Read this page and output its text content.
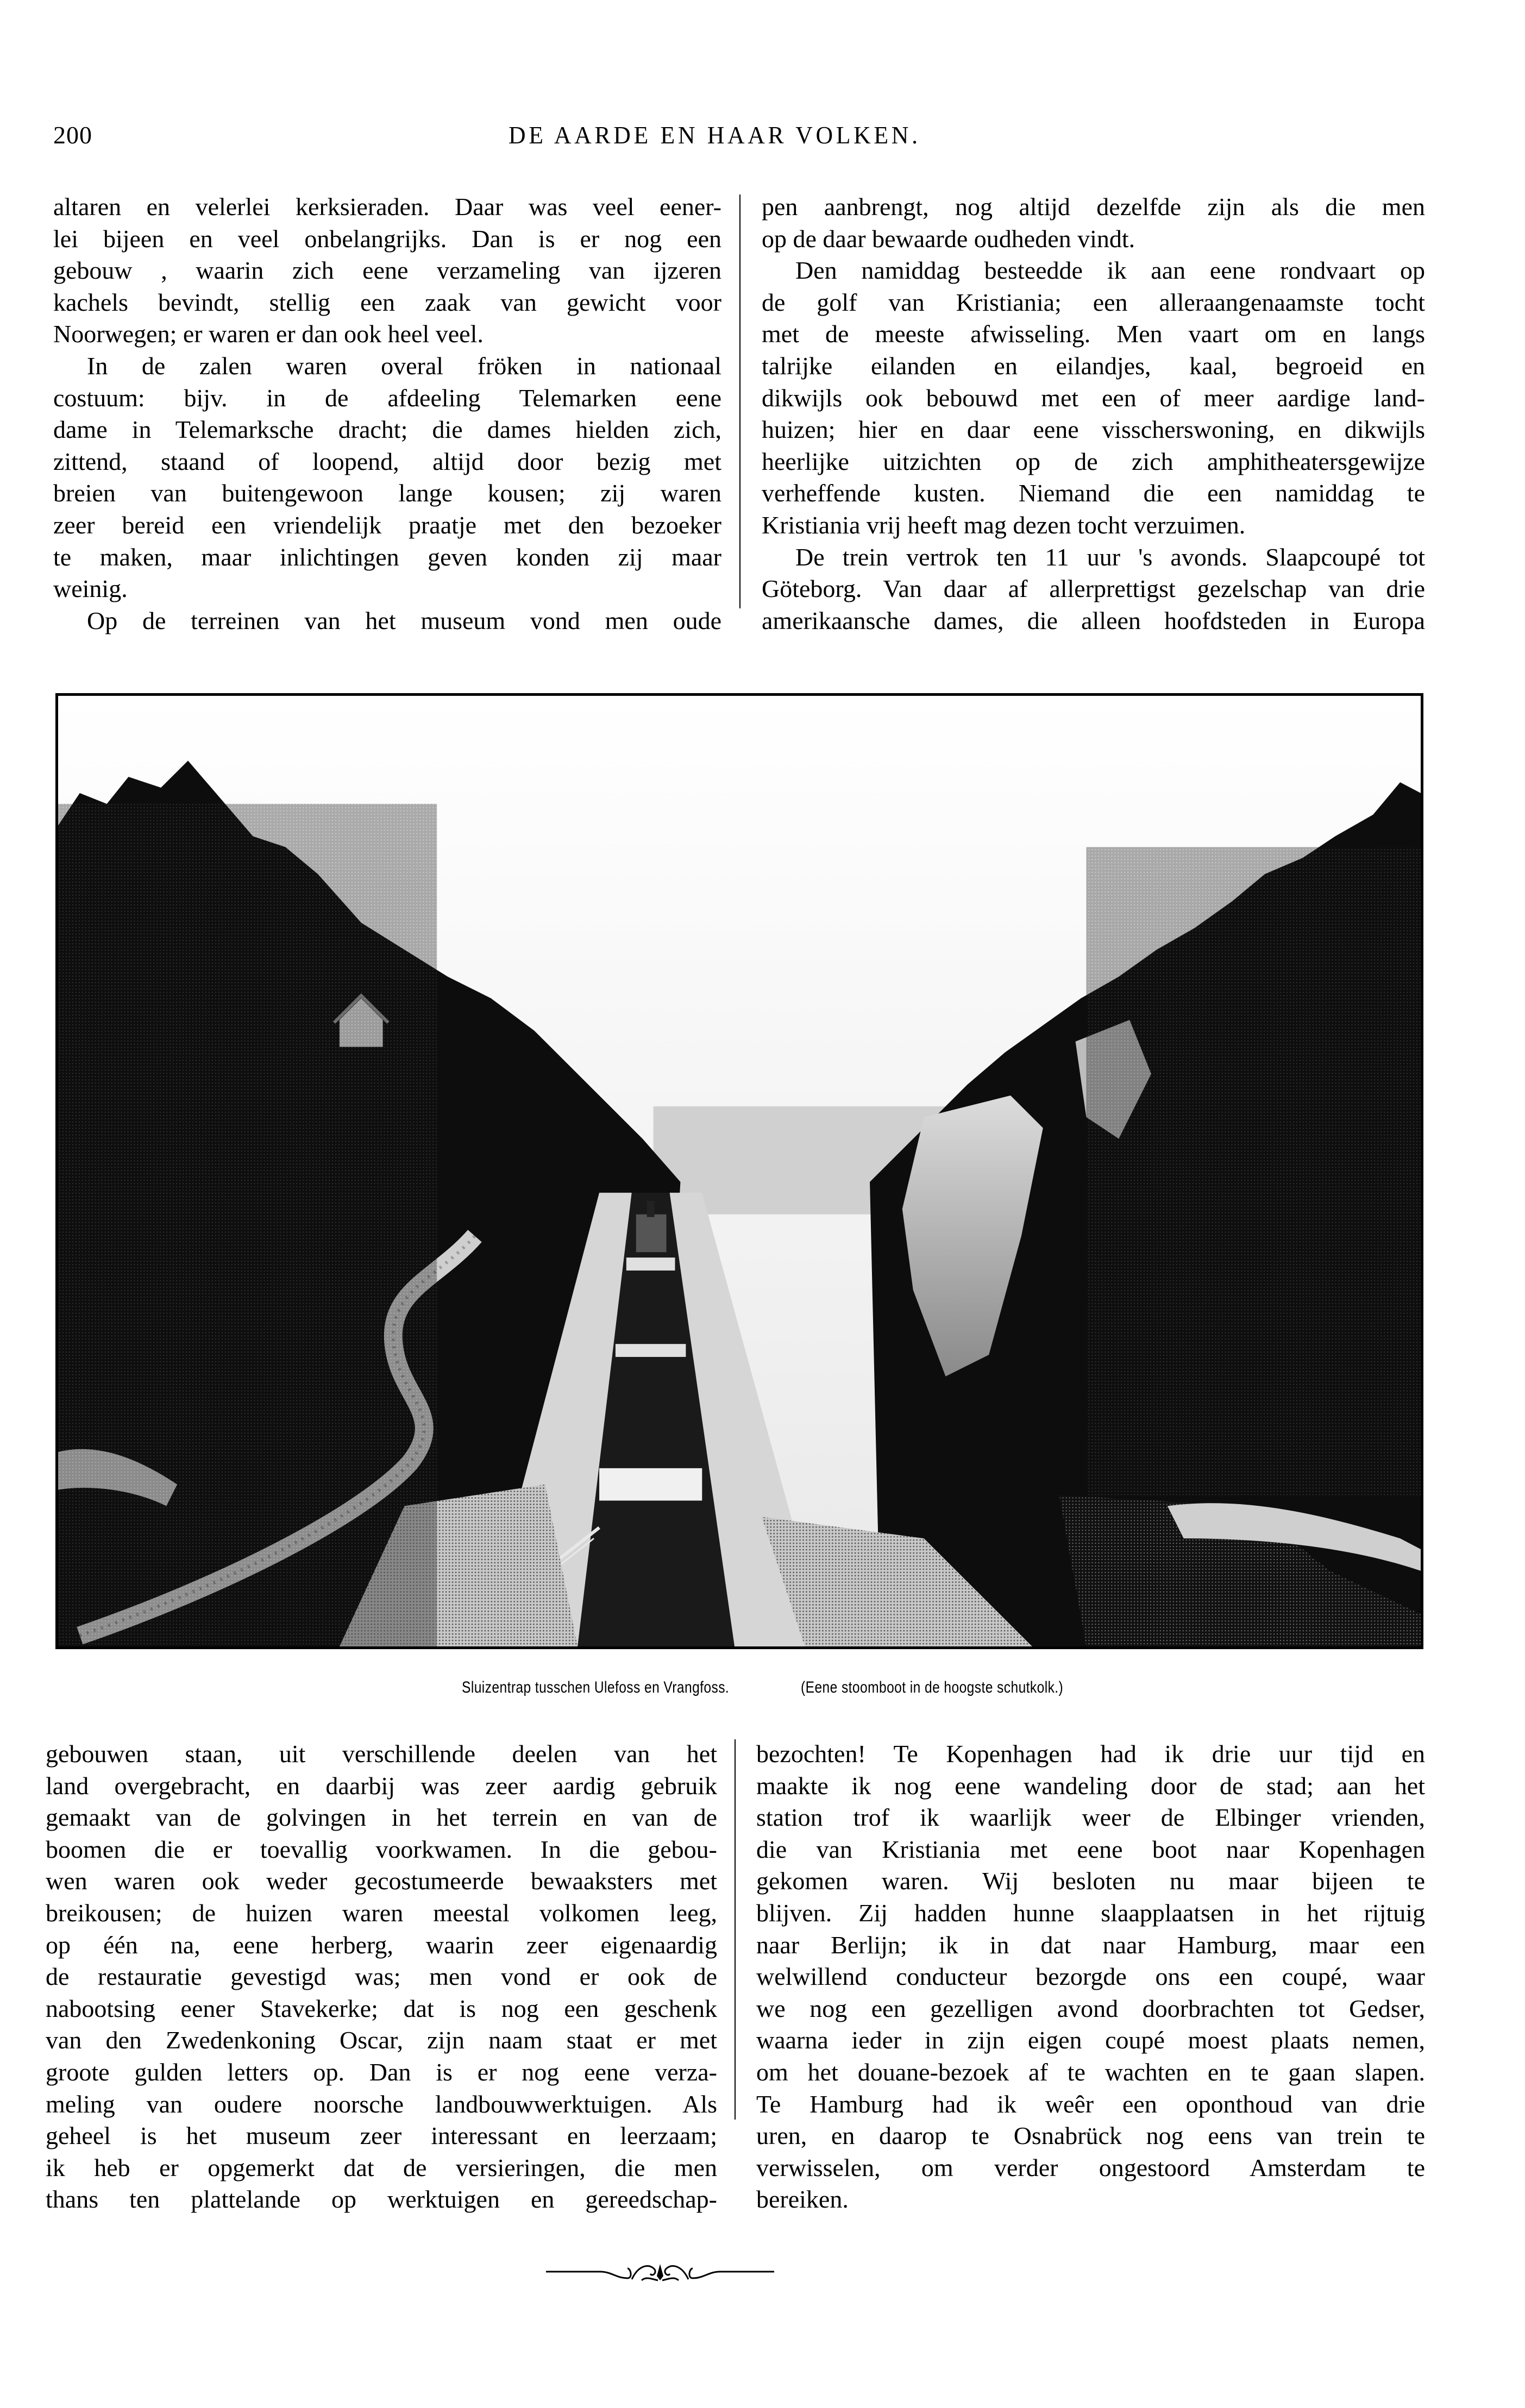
200	DE AARDE EN HAAR VOLKEN.
altaren en velerlei kerksieraden. Daar was veel eener-
lei bijeen en veel onbelangrijks. Dan is er nog een
gebouw , waarin zich eene verzameling van ijzeren
kachels bevindt, stellig een zaak van gewicht voor
Noorwegen; er waren er dan ook heel veel.
In de zalen waren overal fröken in nationaal
costuum: bijv. in de afdeeling Telemarken eene
dame in Telemarksche dracht; die dames hielden zich,
zittend, staand of loopend, altijd door bezig met
breien van buitengewoon lange kousen; zij waren
zeer bereid een vriendelijk praatje met den bezoeker
te maken, maar inlichtingen geven konden zij maar
weinig.
Op de terreinen van het museum vond men oude
pen aanbrengt, nog altijd dezelfde zijn als die men
op de daar bewaarde oudheden vindt.
Den namiddag besteedde ik aan eene rondvaart op
de golf van Kristiania; een alleraangenaamste tocht
met de meeste afwisseling. Men vaart om en langs
talrijke eilanden en eilandjes, kaal, begroeid en
dikwijls ook bebouwd met een of meer aardige land-
huizen; hier en daar eene visscherswoning, en dikwijls
heerlijke uitzichten op de zich amphitheatersgewijze
verheffende kusten. Niemand die een namiddag te
Kristiania vrij heeft mag dezen tocht verzuimen.
De trein vertrok ten 11 uur 's avonds. Slaapcoupé tot
Göteborg. Van daar af allerprettigst gezelschap van drie
amerikaansche dames, die alleen hoofdsteden in Europa
Sluizentrap tusschen Ulefoss en Vrangfoss.	(Eene stoomboot in de hoogste schutkolk.)
gebouwen staan, uit verschillende deelen van het
land overgebracht, en daarbij was zeer aardig gebruik
gemaakt van de golvingen in het terrein en van de
boomen die er toevallig voorkwamen. In die gebou-
wen waren ook weder gecostumeerde bewaaksters met
breikousen; de huizen waren meestal volkomen leeg,
op één na, eene herberg, waarin zeer eigenaardig
de restauratie gevestigd was; men vond er ook de
nabootsing eener Stavekerke; dat is nog een geschenk
van den Zwedenkoning Oscar, zijn naam staat er met
groote gulden letters op. Dan is er nog eene verza-
meling van oudere noorsche landbouwwerktuigen. Als
geheel is het museum zeer interessant en leerzaam;
ik heb er opgemerkt dat de versieringen, die men
thans ten plattelande op werktuigen en gereedschap-
bezochten! Te Kopenhagen had ik drie uur tijd en
maakte ik nog eene wandeling door de stad; aan het
station trof ik waarlijk weer de Elbinger vrienden,
die van Kristiania met eene boot naar Kopenhagen
gekomen waren. Wij besloten nu maar bijeen te
blijven. Zij hadden hunne slaapplaatsen in het rijtuig
naar Berlijn; ik in dat naar Hamburg, maar een
welwillend conducteur bezorgde ons een coupé, waar
we nog een gezelligen avond doorbrachten tot Gedser,
waarna ieder in zijn eigen coupé moest plaats nemen,
om het douane-bezoek af te wachten en te gaan slapen.
Te Hamburg had ik weêr een oponthoud van drie
uren, en daarop te Osnabrück nog eens van trein te
verwisselen, om verder ongestoord Amsterdam te
bereiken.
